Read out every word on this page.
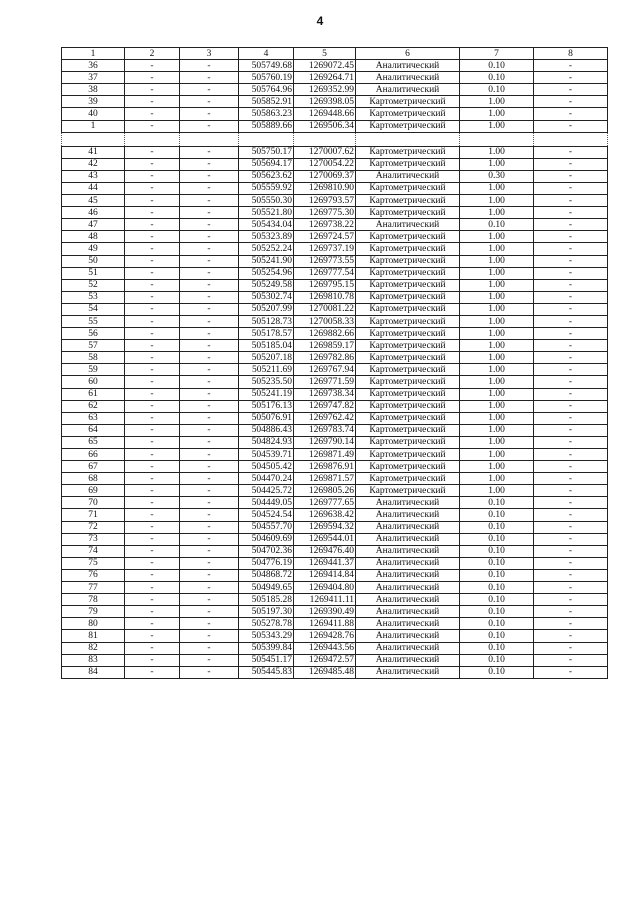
4
1	2	3	4	5	6	7	8
36	-	-	505749.68	1269072.45	Аналитический	0.10	-
37	-	-	505760.19	1269264.71	Аналитический	0.10	-
38	-	-	505764.96	1269352.99	Аналитический	0.10	-
39	-	-	505852.91	1269398.05	Картометрический	1.00	-
40	-	-	505863.23	1269448.66	Картометрический	1.00	-
1	-	-	505889.66	1269506.34	Картометрический	1.00	-

41	-	-	505750.17	1270007.62	Картометрический	1.00	-
42	-	-	505694.17	1270054.22	Картометрический	1.00	-
43	-	-	505623.62	1270069.37	Аналитический	0.30	-
44	-	-	505559.92	1269810.90	Картометрический	1.00	-
45	-	-	505550.30	1269793.57	Картометрический	1.00	-
46	-	-	505521.80	1269775.30	Картометрический	1.00	-
47	-	-	505434.04	1269738.22	Аналитический	0.10	-
48	-	-	505323.89	1269724.57	Картометрический	1.00	-
49	-	-	505252.24	1269737.19	Картометрический	1.00	-
50	-	-	505241.90	1269773.55	Картометрический	1.00	-
51	-	-	505254.96	1269777.54	Картометрический	1.00	-
52	-	-	505249.58	1269795.15	Картометрический	1.00	-
53	-	-	505302.74	1269810.78	Картометрический	1.00	-
54	-	-	505207.99	1270081.22	Картометрический	1.00	-
55	-	-	505128.73	1270058.33	Картометрический	1.00	-
56	-	-	505178.57	1269882.66	Картометрический	1.00	-
57	-	-	505185.04	1269859.17	Картометрический	1.00	-
58	-	-	505207.18	1269782.86	Картометрический	1.00	-
59	-	-	505211.69	1269767.94	Картометрический	1.00	-
60	-	-	505235.50	1269771.59	Картометрический	1.00	-
61	-	-	505241.19	1269738.34	Картометрический	1.00	-
62	-	-	505176.13	1269747.82	Картометрический	1.00	-
63	-	-	505076.91	1269762.42	Картометрический	1.00	-
64	-	-	504886.43	1269783.74	Картометрический	1.00	-
65	-	-	504824.93	1269790.14	Картометрический	1.00	-
66	-	-	504539.71	1269871.49	Картометрический	1.00	-
67	-	-	504505.42	1269876.91	Картометрический	1.00	-
68	-	-	504470.24	1269871.57	Картометрический	1.00	-
69	-	-	504425.72	1269805.26	Картометрический	1.00	-
70	-	-	504449.05	1269777.65	Аналитический	0.10	-
71	-	-	504524.54	1269638.42	Аналитический	0.10	-
72	-	-	504557.70	1269594.32	Аналитический	0.10	-
73	-	-	504609.69	1269544.01	Аналитический	0.10	-
74	-	-	504702.36	1269476.40	Аналитический	0.10	-
75	-	-	504776.19	1269441.37	Аналитический	0.10	-
76	-	-	504868.72	1269414.84	Аналитический	0.10	-
77	-	-	504949.65	1269404.80	Аналитический	0.10	-
78	-	-	505185.28	1269411.11	Аналитический	0.10	-
79	-	-	505197.30	1269390.49	Аналитический	0.10	-
80	-	-	505278.78	1269411.88	Аналитический	0.10	-
81	-	-	505343.29	1269428.76	Аналитический	0.10	-
82	-	-	505399.84	1269443.56	Аналитический	0.10	-
83	-	-	505451.17	1269472.57	Аналитический	0.10	-
84	-	-	505445.83	1269485.48	Аналитический	0.10	-
